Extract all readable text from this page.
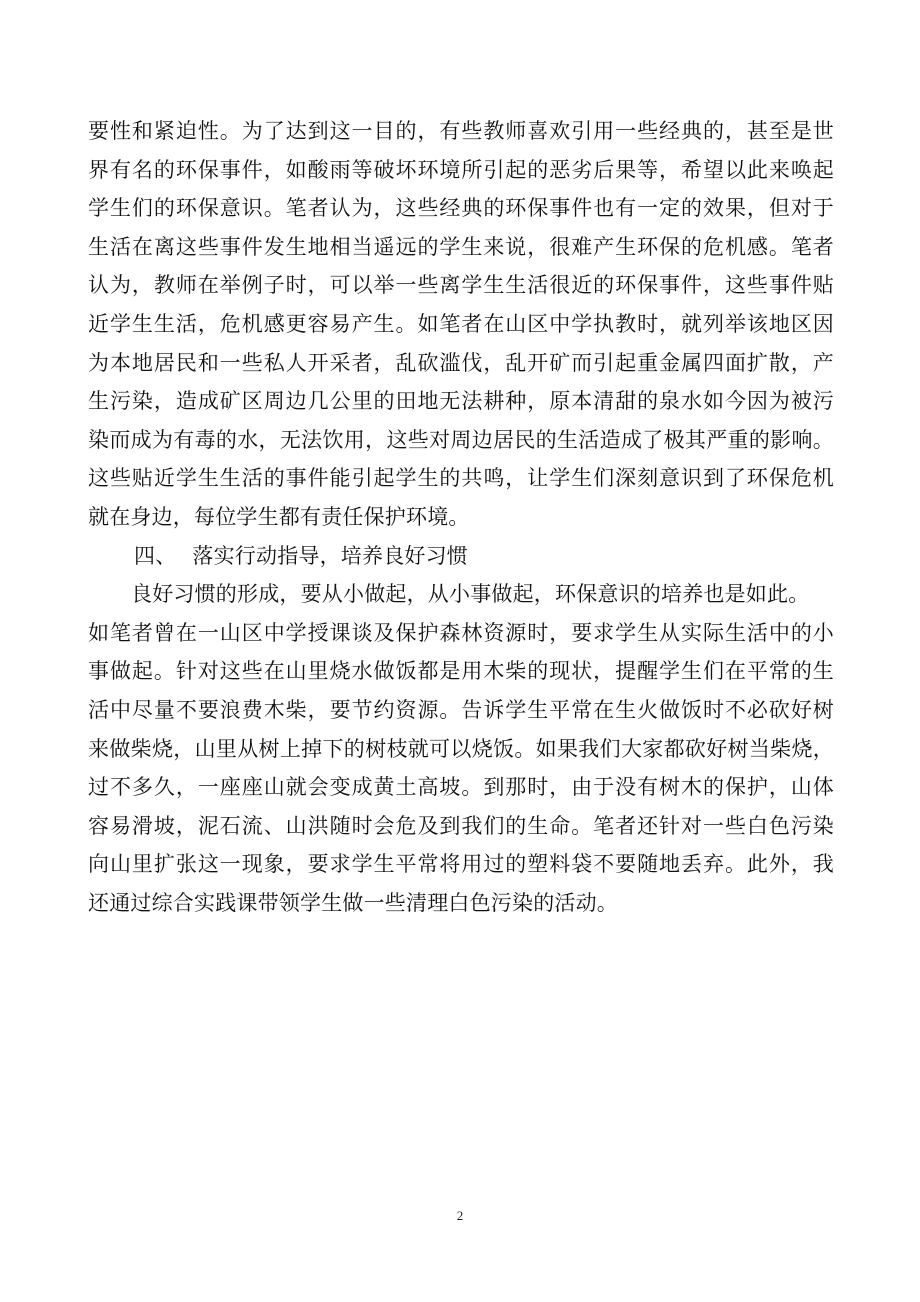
要性和紧迫性。为了达到这一目的，有些教师喜欢引用一些经典的，甚至是世
界有名的环保事件，如酸雨等破坏环境所引起的恶劣后果等，希望以此来唤起
学生们的环保意识。笔者认为，这些经典的环保事件也有一定的效果，但对于
生活在离这些事件发生地相当遥远的学生来说，很难产生环保的危机感。笔者
认为，教师在举例子时，可以举一些离学生生活很近的环保事件，这些事件贴
近学生生活，危机感更容易产生。如笔者在山区中学执教时，就列举该地区因
为本地居民和一些私人开采者，乱砍滥伐，乱开矿而引起重金属四面扩散，产
生污染，造成矿区周边几公里的田地无法耕种，原本清甜的泉水如今因为被污
染而成为有毒的水，无法饮用，这些对周边居民的生活造成了极其严重的影响。
这些贴近学生生活的事件能引起学生的共鸣，让学生们深刻意识到了环保危机
就在身边，每位学生都有责任保护环境。
四、 落实行动指导，培养良好习惯
良好习惯的形成，要从小做起，从小事做起，环保意识的培养也是如此。
如笔者曾在一山区中学授课谈及保护森林资源时，要求学生从实际生活中的小
事做起。针对这些在山里烧水做饭都是用木柴的现状，提醒学生们在平常的生
活中尽量不要浪费木柴，要节约资源。告诉学生平常在生火做饭时不必砍好树
来做柴烧，山里从树上掉下的树枝就可以烧饭。如果我们大家都砍好树当柴烧，
过不多久，一座座山就会变成黄土高坡。到那时，由于没有树木的保护，山体
容易滑坡，泥石流、山洪随时会危及到我们的生命。笔者还针对一些白色污染
向山里扩张这一现象，要求学生平常将用过的塑料袋不要随地丢弃。此外，我
还通过综合实践课带领学生做一些清理白色污染的活动。
2
